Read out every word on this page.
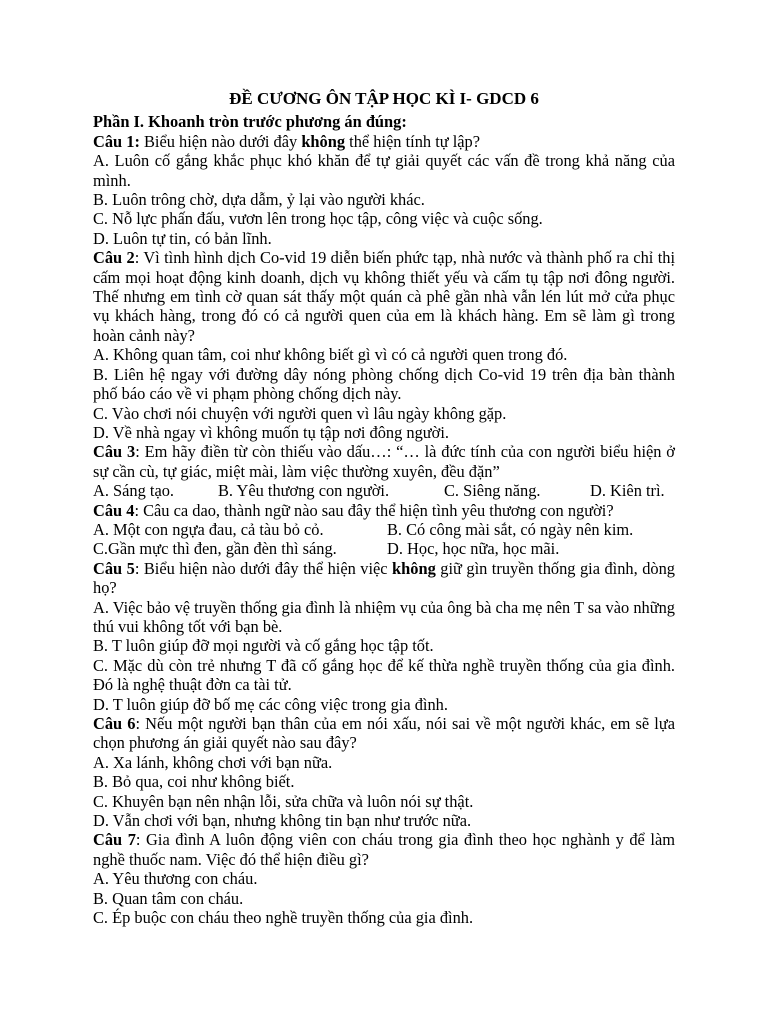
ĐỀ CƯƠNG ÔN TẬP HỌC KÌ I- GDCD 6

Phần I. Khoanh tròn trước phương án đúng:

Câu 1: Biểu hiện nào dưới đây không thể hiện tính tự lập?

A. Luôn cố gắng khắc phục khó khăn để tự giải quyết các vấn đề trong khả năng của mình.

B. Luôn trông chờ, dựa dẫm, ỷ lại vào người khác.

C. Nỗ lực phấn đấu, vươn lên trong học tập, công việc và cuộc sống.

D. Luôn tự tin, có bản lĩnh.

Câu 2: Vì tình hình dịch Co-vid 19 diễn biến phức tạp, nhà nước và thành phố ra chỉ thị cấm mọi hoạt động kinh doanh, dịch vụ không thiết yếu và cấm tụ tập nơi đông người. Thế nhưng em tình cờ quan sát thấy một quán cà phê gần nhà vẫn lén lút mở cửa phục vụ khách hàng, trong đó có cả người quen của em là khách hàng. Em sẽ làm gì trong hoàn cảnh này?

A. Không quan tâm, coi như không biết gì vì có cả người quen trong đó.

B. Liên hệ ngay với đường dây nóng phòng chống dịch Co-vid 19 trên địa bàn thành phố báo cáo về vi phạm phòng chống dịch này.

C. Vào chơi nói chuyện với người quen vì lâu ngày không gặp.

D. Về nhà ngay vì không muốn tụ tập nơi đông người.

Câu 3: Em hãy điền từ còn thiếu vào dấu…: “… là đức tính của con người biểu hiện ở sự cần cù, tự giác, miệt mài, làm việc thường xuyên, đều đặn”

A. Sáng tạo.	B. Yêu thương con người.	C. Siêng năng.	D. Kiên trì.

Câu 4: Câu ca dao, thành ngữ nào sau đây thể hiện tình yêu thương con người?

A. Một con ngựa đau, cả tàu bỏ cỏ.	B. Có công mài sắt, có ngày nên kim.
C.Gần mực thì đen, gần đèn thì sáng.	D. Học, học nữa, học mãi.

Câu 5: Biểu hiện nào dưới đây thể hiện việc không giữ gìn truyền thống gia đình, dòng họ?

A. Việc bảo vệ truyền thống gia đình là nhiệm vụ của ông bà cha mẹ nên T sa vào những thú vui không tốt với bạn bè.

B. T luôn giúp đỡ mọi người và cố gắng học tập tốt.

C. Mặc dù còn trẻ nhưng T đã cố gắng học để kế thừa nghề truyền thống của gia đình. Đó là nghệ thuật đờn ca tài tử.

D. T luôn giúp đỡ bố mẹ các công việc trong gia đình.

Câu 6: Nếu một người bạn thân của em nói xấu, nói sai về một người khác, em sẽ lựa chọn phương án giải quyết nào sau đây?

A. Xa lánh, không chơi với bạn nữa.

B. Bỏ qua, coi như không biết.

C. Khuyên bạn nên nhận lỗi, sửa chữa và luôn nói sự thật.

D. Vẫn chơi với bạn, nhưng không tin bạn như trước nữa.

Câu 7: Gia đình A luôn động viên con cháu trong gia đình theo học nghành y để làm nghề thuốc nam. Việc đó thể hiện điều gì?

A. Yêu thương con cháu.

B. Quan tâm con cháu.

C. Ép buộc con cháu theo nghề truyền thống của gia đình.
